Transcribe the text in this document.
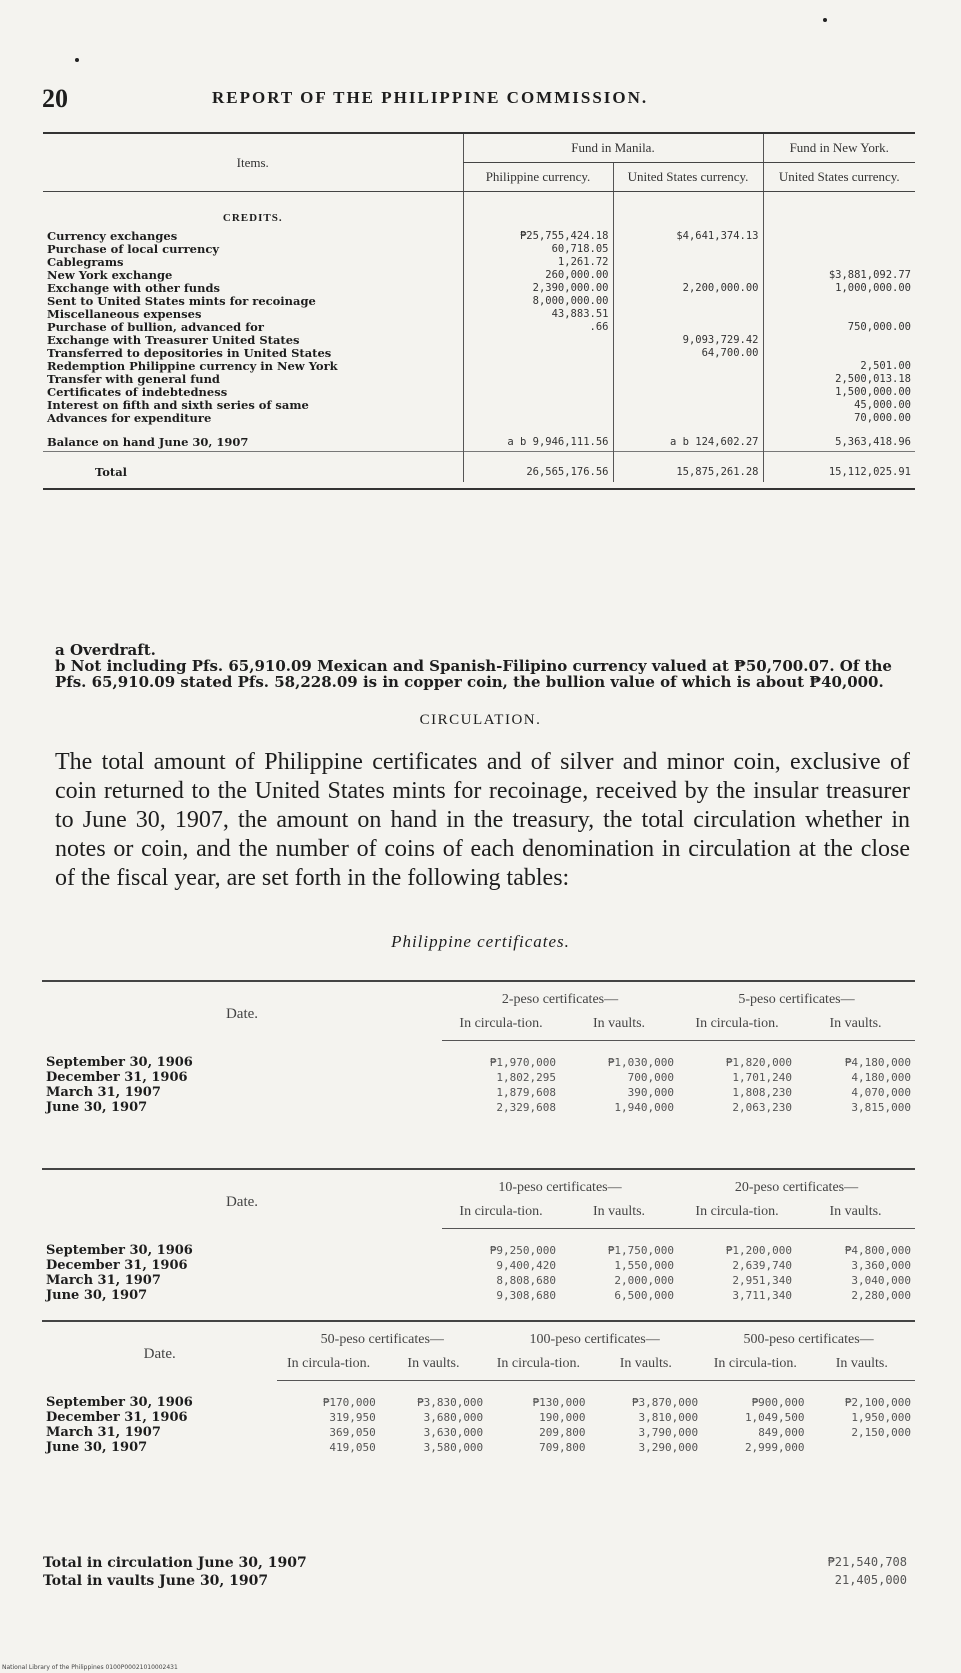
20	REPORT OF THE PHILIPPINE COMMISSION.
Items.	Fund in Manila.		Fund in New York.
	Philippine currency.	United States currency.	United States currency.
CREDITS.			
Currency exchanges	₱25,755,424.18	$4,641,374.13	
Purchase of local currency	60,718.05		
Cablegrams	1,261.72		
New York exchange	260,000.00		$3,881,092.77
Exchange with other funds	2,390,000.00	2,200,000.00	1,000,000.00
Sent to United States mints for recoinage	8,000,000.00		
Miscellaneous expenses	43,883.51		
Purchase of bullion, advanced for	.66		750,000.00
Exchange with Treasurer United States		9,093,729.42	
Transferred to depositories in United States		64,700.00	
Redemption Philippine currency in New York			2,501.00
Transfer with general fund			2,500,013.18
Certificates of indebtedness			1,500,000.00
Interest on fifth and sixth series of same			45,000.00
Advances for expenditure			70,000.00
Balance on hand June 30, 1907	a b 9,946,111.56	a b 124,602.27	5,363,418.96
Total	26,565,176.56	15,875,261.28	15,112,025.91

a Overdraft.

b Not including Pfs. 65,910.09 Mexican and Spanish-Filipino currency valued at ₱50,700.07. Of the Pfs. 65,910.09 stated Pfs. 58,228.09 is in copper coin, the bullion value of which is about ₱40,000.

CIRCULATION.

The total amount of Philippine certificates and of silver and minor coin, exclusive of coin returned to the United States mints for recoinage, received by the insular treasurer to June 30, 1907, the amount on hand in the treasury, the total circulation whether in notes or coin, and the number of coins of each denomination in circulation at the close of the fiscal year, are set forth in the following tables:

Philippine certificates.
Date.	2-peso certificates—		5-peso certificates—	
	In circula-tion.	In vaults.	In circula-tion.	In vaults.
September 30, 1906	₱1,970,000	₱1,030,000	₱1,820,000	₱4,180,000
December 31, 1906	1,802,295	700,000	1,701,240	4,180,000
March 31, 1907	1,879,608	390,000	1,808,230	4,070,000
June 30, 1907	2,329,608	1,940,000	2,063,230	3,815,000
Date.	10-peso certificates—		20-peso certificates—	
	In circula-tion.	In vaults.	In circula-tion.	In vaults.
September 30, 1906	₱9,250,000	₱1,750,000	₱1,200,000	₱4,800,000
December 31, 1906	9,400,420	1,550,000	2,639,740	3,360,000
March 31, 1907	8,808,680	2,000,000	2,951,340	3,040,000
June 30, 1907	9,308,680	6,500,000	3,711,340	2,280,000
Date.	50-peso certificates—		100-peso certificates—		500-peso certificates—	
	In circula-tion.	In vaults.	In circula-tion.	In vaults.	In circula-tion.	In vaults.
September 30, 1906	₱170,000	₱3,830,000	₱130,000	₱3,870,000	₱900,000	₱2,100,000
December 31, 1906	319,950	3,680,000	190,000	3,810,000	1,049,500	1,950,000
March 31, 1907	369,050	3,630,000	209,800	3,790,000	849,000	2,150,000
June 30, 1907	419,050	3,580,000	709,800	3,290,000	2,999,000	
Total in circulation June 30, 1907	₱21,540,708
Total in vaults June 30, 1907	21,405,000
National Library of the Philippines 0100P00021010002431
